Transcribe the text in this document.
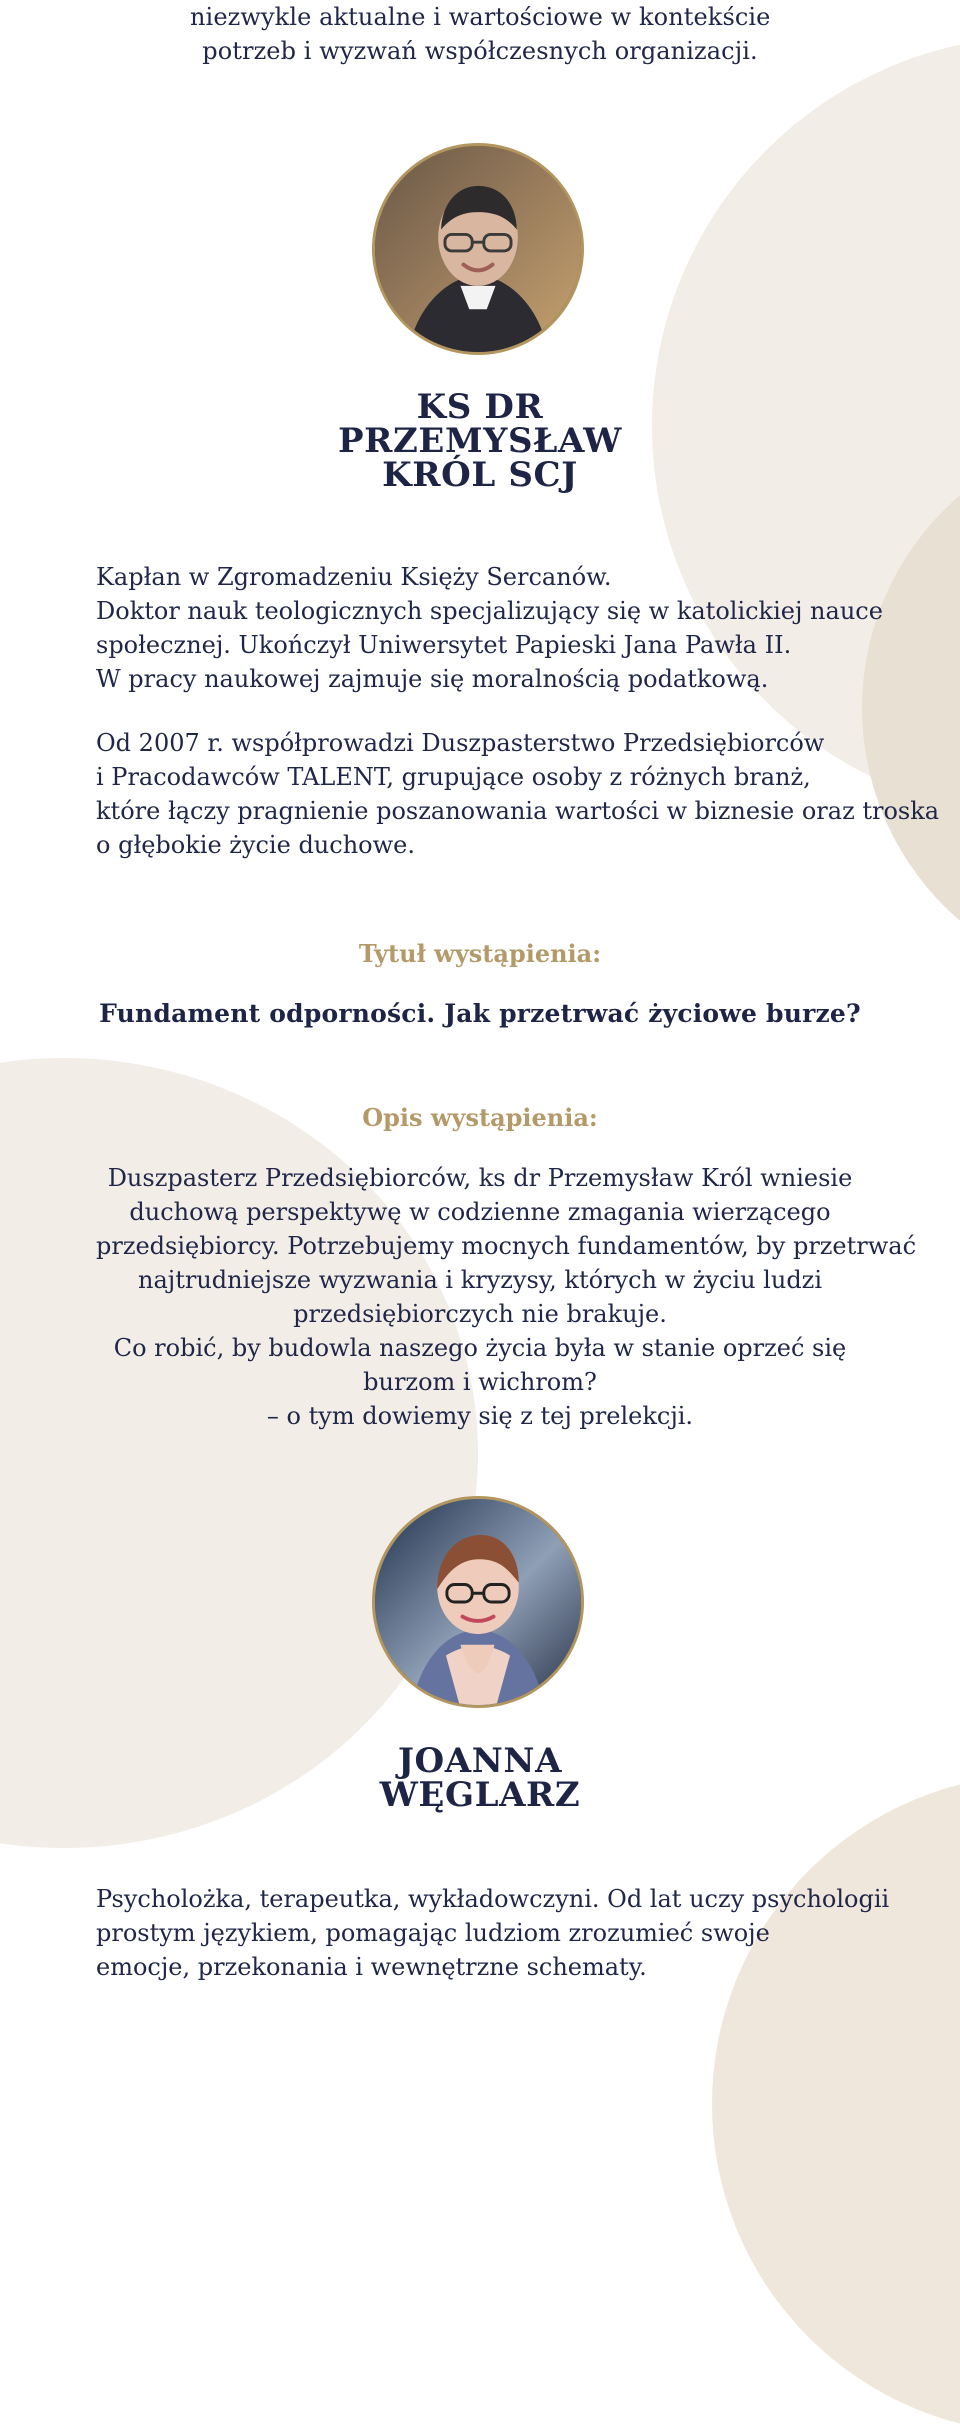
niezwykle aktualne i wartościowe w kontekście
potrzeb i wyzwań współczesnych organizacji.
KS DR
PRZEMYSŁAW
KRÓL SCJ
Kapłan w Zgromadzeniu Księży Sercanów.
Doktor nauk teologicznych specjalizujący się w katolickiej nauce
społecznej. Ukończył Uniwersytet Papieski Jana Pawła II.
W pracy naukowej zajmuje się moralnością podatkową.
Od 2007 r. współprowadzi Duszpasterstwo Przedsiębiorców
i Pracodawców TALENT, grupujące osoby z różnych branż,
które łączy pragnienie poszanowania wartości w biznesie oraz troska
o głębokie życie duchowe.
Tytuł wystąpienia:
Fundament odporności. Jak przetrwać życiowe burze?
Opis wystąpienia:
Duszpasterz Przedsiębiorców, ks dr Przemysław Król wniesie
duchową perspektywę w codzienne zmagania wierzącego
przedsiębiorcy. Potrzebujemy mocnych fundamentów, by przetrwać
najtrudniejsze wyzwania i kryzysy, których w życiu ludzi
przedsiębiorczych nie brakuje.
Co robić, by budowla naszego życia była w stanie oprzeć się
burzom i wichrom?
– o tym dowiemy się z tej prelekcji.
JOANNA
WĘGLARZ
Psycholożka, terapeutka, wykładowczyni. Od lat uczy psychologii
prostym językiem, pomagając ludziom zrozumieć swoje
emocje, przekonania i wewnętrzne schematy.
